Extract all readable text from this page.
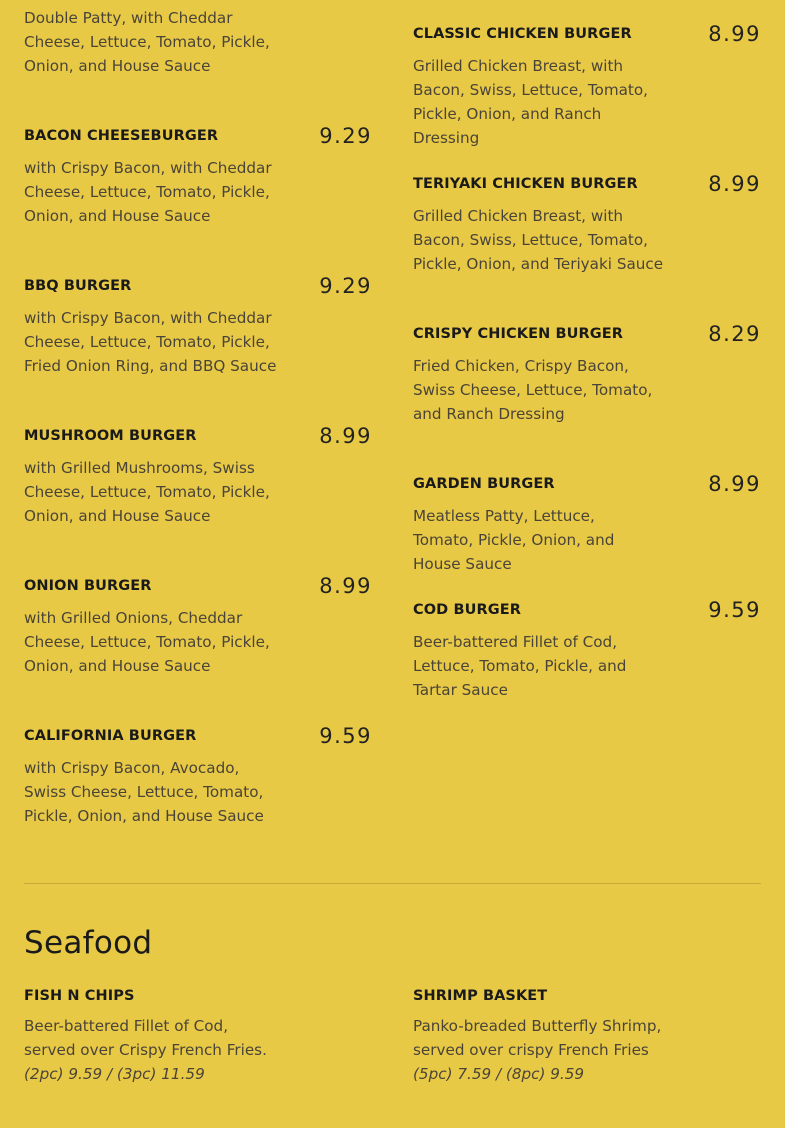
Double Patty, with Cheddar Cheese, Lettuce, Tomato, Pickle, Onion, and House Sauce
BACON CHEESEBURGER	9.29
with Crispy Bacon, with Cheddar Cheese, Lettuce, Tomato, Pickle, Onion, and House Sauce
BBQ BURGER	9.29
with Crispy Bacon, with Cheddar Cheese, Lettuce, Tomato, Pickle, Fried Onion Ring, and BBQ Sauce
MUSHROOM BURGER	8.99
with Grilled Mushrooms, Swiss Cheese, Lettuce, Tomato, Pickle, Onion, and House Sauce
ONION BURGER	8.99
with Grilled Onions, Cheddar Cheese, Lettuce, Tomato, Pickle, Onion, and House Sauce
CALIFORNIA BURGER	9.59
with Crispy Bacon, Avocado, Swiss Cheese, Lettuce, Tomato, Pickle, Onion, and House Sauce
CLASSIC CHICKEN BURGER	8.99
Grilled Chicken Breast, with Bacon, Swiss, Lettuce, Tomato, Pickle, Onion, and Ranch Dressing
TERIYAKI CHICKEN BURGER	8.99
Grilled Chicken Breast, with Bacon, Swiss, Lettuce, Tomato, Pickle, Onion, and Teriyaki Sauce
CRISPY CHICKEN BURGER	8.29
Fried Chicken, Crispy Bacon, Swiss Cheese, Lettuce, Tomato, and Ranch Dressing
GARDEN BURGER	8.99
Meatless Patty, Lettuce, Tomato, Pickle, Onion, and House Sauce
COD BURGER	9.59
Beer-battered Fillet of Cod, Lettuce, Tomato, Pickle, and Tartar Sauce
Seafood
FISH N CHIPS
Beer-battered Fillet of Cod, served over Crispy French Fries.
(2pc) 9.59 / (3pc) 11.59
SHRIMP BASKET
Panko-breaded Butterfly Shrimp, served over crispy French Fries
(5pc) 7.59 / (8pc) 9.59
